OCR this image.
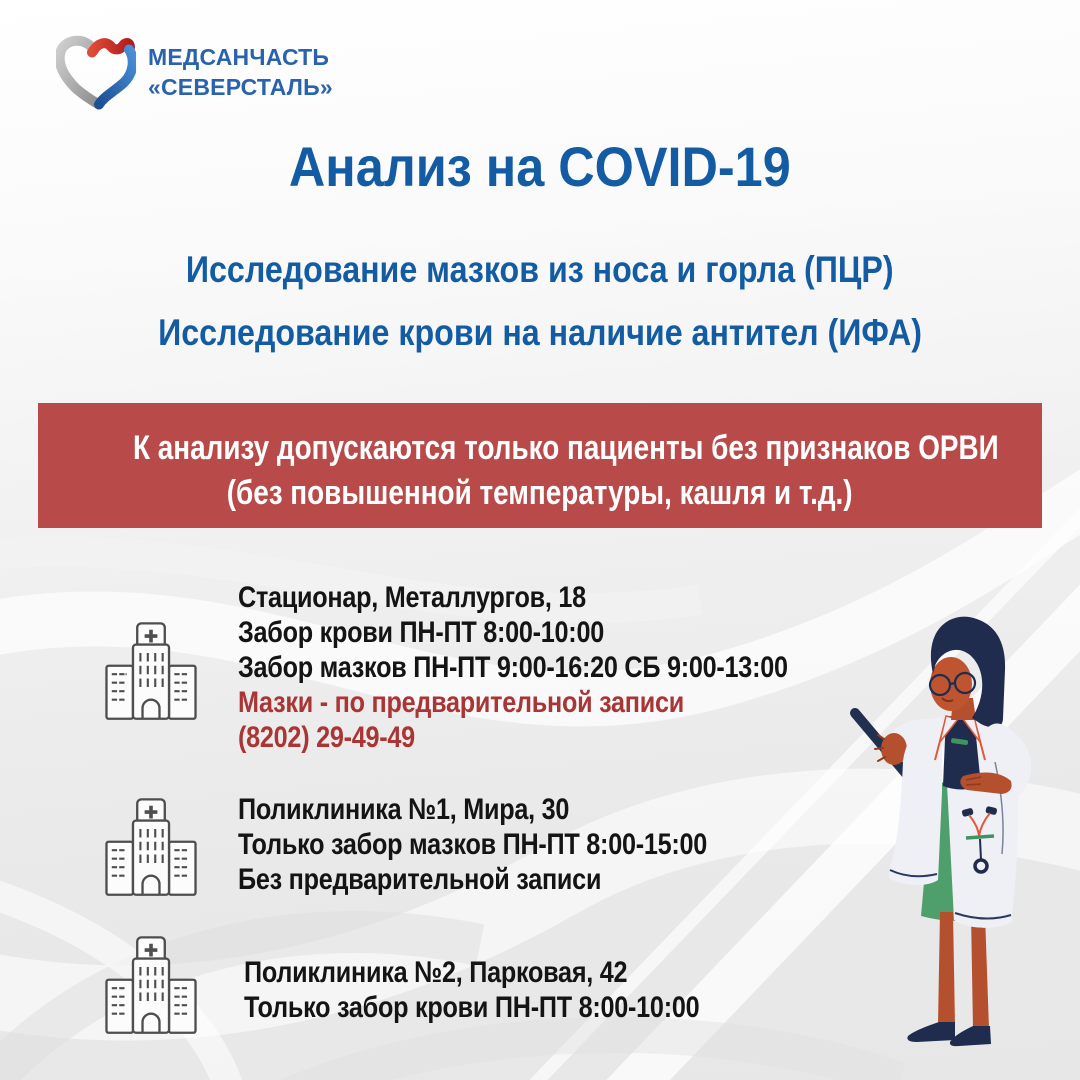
МЕДСАНЧАСТЬ
«СЕВЕРСТАЛЬ»
Анализ на COVID-19
Исследование мазков из носа и горла (ПЦР)
Исследование крови на наличие антител (ИФА)
К анализу допускаются только пациенты без признаков ОРВИ
(без повышенной температуры, кашля и т.д.)
Стационар, Металлургов, 18
Забор крови ПН-ПТ 8:00-10:00
Забор мазков ПН-ПТ 9:00-16:20 СБ 9:00-13:00
Мазки - по предварительной записи
(8202) 29-49-49
Поликлиника №1, Мира, 30
Только забор мазков ПН-ПТ 8:00-15:00
Без предварительной записи
Поликлиника №2, Парковая, 42
Только забор крови ПН-ПТ 8:00-10:00
